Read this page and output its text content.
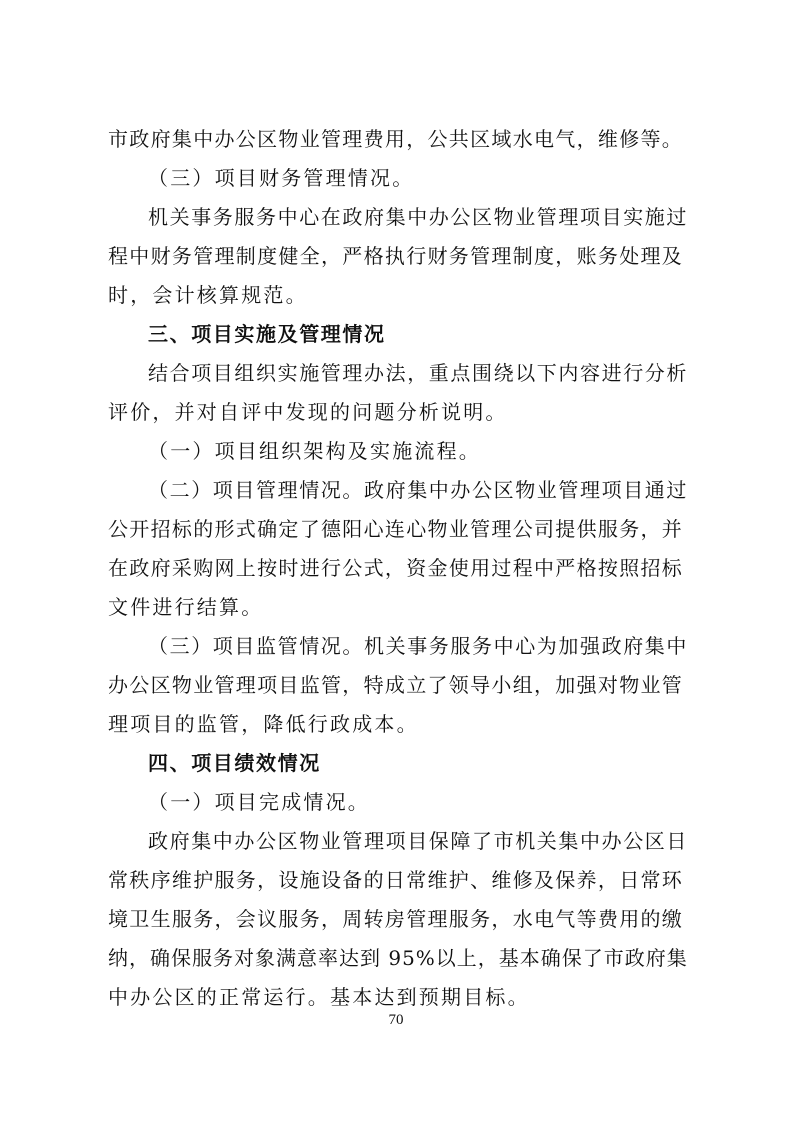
市政府集中办公区物业管理费用，公共区域水电气，维修等。
（三）项目财务管理情况。
机关事务服务中心在政府集中办公区物业管理项目实施过
程中财务管理制度健全，严格执行财务管理制度，账务处理及
时，会计核算规范。
三、项目实施及管理情况
结合项目组织实施管理办法，重点围绕以下内容进行分析
评价，并对自评中发现的问题分析说明。
（一）项目组织架构及实施流程。
（二）项目管理情况。政府集中办公区物业管理项目通过
公开招标的形式确定了德阳心连心物业管理公司提供服务，并
在政府采购网上按时进行公式，资金使用过程中严格按照招标
文件进行结算。
（三）项目监管情况。机关事务服务中心为加强政府集中
办公区物业管理项目监管，特成立了领导小组，加强对物业管
理项目的监管，降低行政成本。
四、项目绩效情况
（一）项目完成情况。
政府集中办公区物业管理项目保障了市机关集中办公区日
常秩序维护服务，设施设备的日常维护、维修及保养，日常环
境卫生服务，会议服务，周转房管理服务，水电气等费用的缴
纳，确保服务对象满意率达到 95%以上，基本确保了市政府集
中办公区的正常运行。基本达到预期目标。
70
